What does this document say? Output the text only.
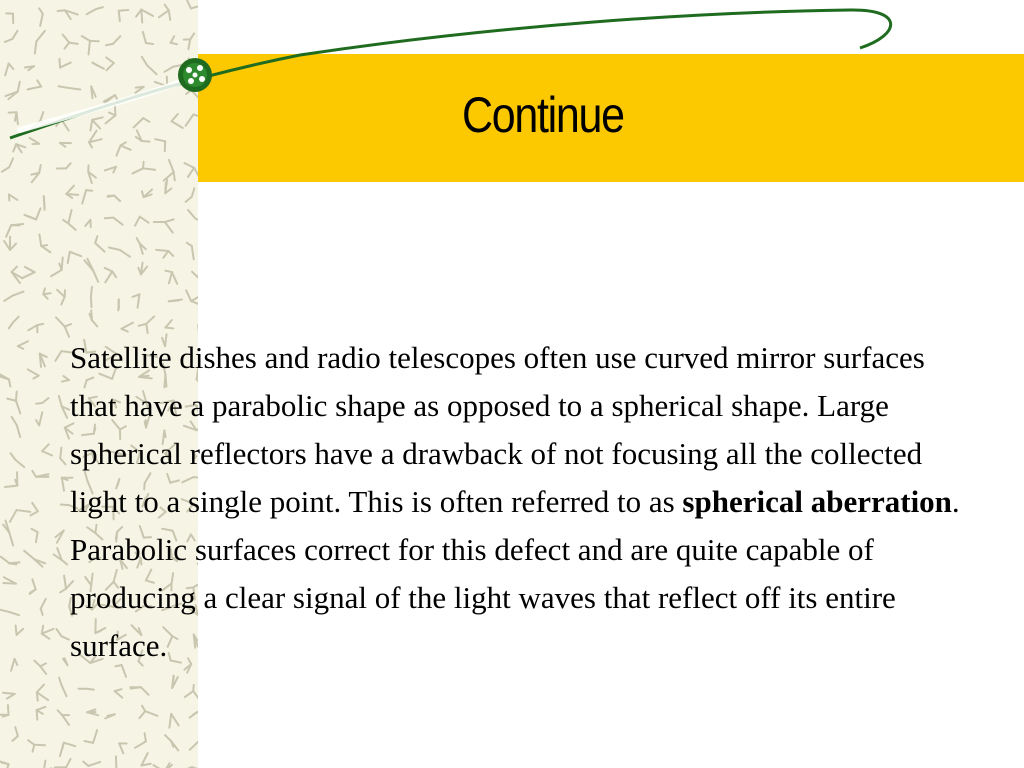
Continue
Satellite dishes and radio telescopes often use curved mirror surfaces that have a parabolic shape as opposed to a spherical shape. Large spherical reflectors have a drawback of not focusing all the collected light to a single point. This is often referred to as spherical aberration. Parabolic surfaces correct for this defect and are quite capable of producing a clear signal of the light waves that reflect off its entire surface.
